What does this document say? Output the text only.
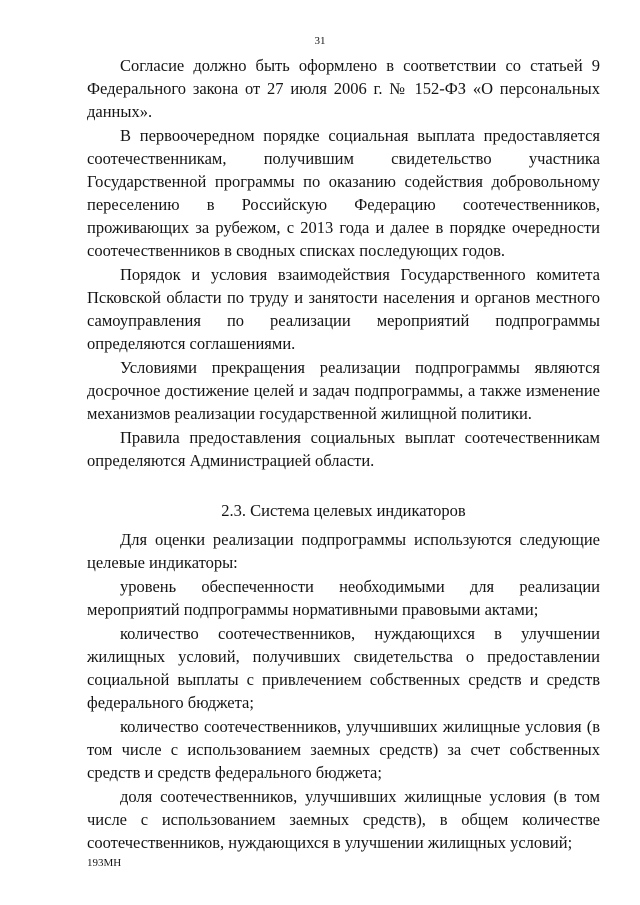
31

Согласие должно быть оформлено в соответствии со статьей 9 Федерального закона от 27 июля 2006 г. № 152-ФЗ «О персональных данных».

В первоочередном порядке социальная выплата предоставляется соотечественникам, получившим свидетельство участника Государственной программы по оказанию содействия добровольному переселению в Российскую Федерацию соотечественников, проживающих за рубежом, с 2013 года и далее в порядке очередности соотечественников в сводных списках последующих годов.

Порядок и условия взаимодействия Государственного комитета Псковской области по труду и занятости населения и органов местного самоуправления по реализации мероприятий подпрограммы определяются соглашениями.

Условиями прекращения реализации подпрограммы являются досрочное достижение целей и задач подпрограммы, а также изменение механизмов реализации государственной жилищной политики.

Правила предоставления социальных выплат соотечественникам определяются Администрацией области.

2.3. Система целевых индикаторов

Для оценки реализации подпрограммы используются следующие целевые индикаторы:

уровень обеспеченности необходимыми для реализации мероприятий подпрограммы нормативными правовыми актами;

количество соотечественников, нуждающихся в улучшении жилищных условий, получивших свидетельства о предоставлении социальной выплаты с привлечением собственных средств и средств федерального бюджета;

количество соотечественников, улучшивших жилищные условия (в том числе с использованием заемных средств) за счет собственных средств и средств федерального бюджета;

доля соотечественников, улучшивших жилищные условия (в том числе с использованием заемных средств), в общем количестве соотечественников, нуждающихся в улучшении жилищных условий;

193МН
